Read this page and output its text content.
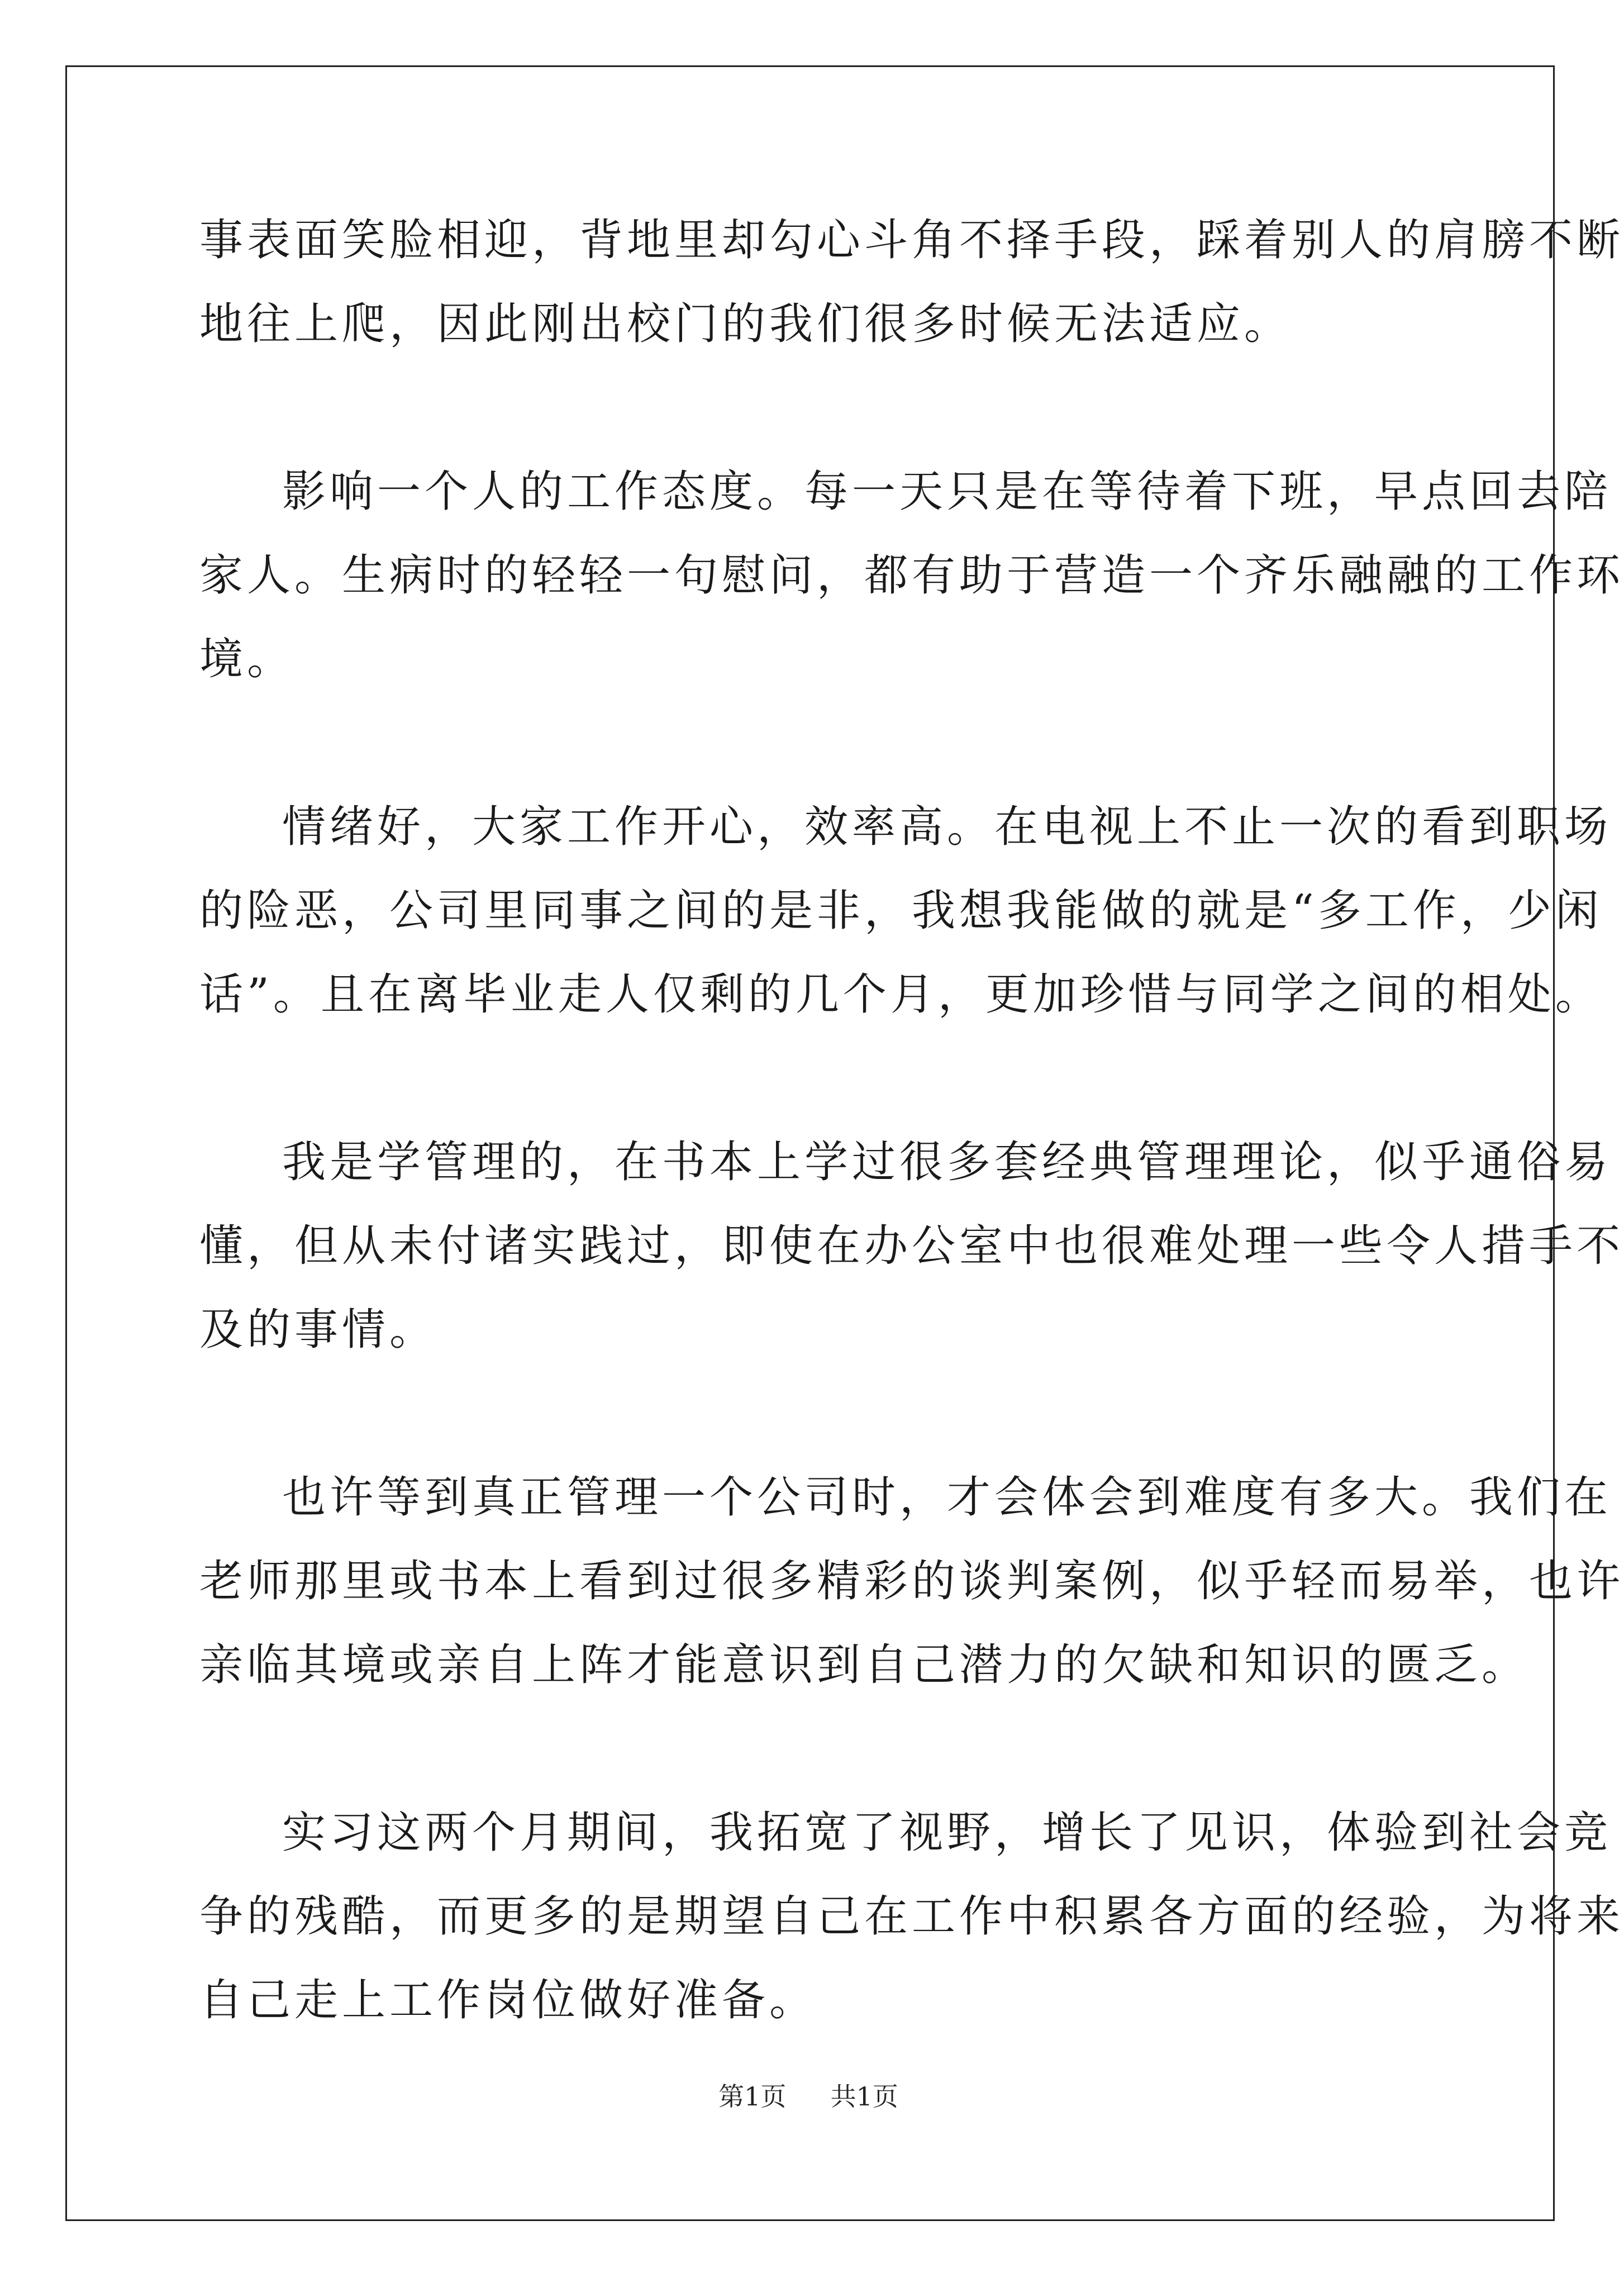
事表面笑脸相迎，背地里却勾心斗角不择手段，踩着别人的肩膀不断
地往上爬，因此刚出校门的我们很多时候无法适应。
影响一个人的工作态度。每一天只是在等待着下班，早点回去陪
家人。生病时的轻轻一句慰问，都有助于营造一个齐乐融融的工作环
境。
情绪好，大家工作开心，效率高。在电视上不止一次的看到职场
的险恶，公司里同事之间的是非，我想我能做的就是“多工作，少闲
话”。且在离毕业走人仅剩的几个月，更加珍惜与同学之间的相处。
我是学管理的，在书本上学过很多套经典管理理论，似乎通俗易
懂，但从未付诸实践过，即使在办公室中也很难处理一些令人措手不
及的事情。
也许等到真正管理一个公司时，才会体会到难度有多大。我们在
老师那里或书本上看到过很多精彩的谈判案例，似乎轻而易举，也许
亲临其境或亲自上阵才能意识到自己潜力的欠缺和知识的匮乏。
实习这两个月期间，我拓宽了视野，增长了见识，体验到社会竞
争的残酷，而更多的是期望自己在工作中积累各方面的经验，为将来
自己走上工作岗位做好准备。
第1页 共1页
